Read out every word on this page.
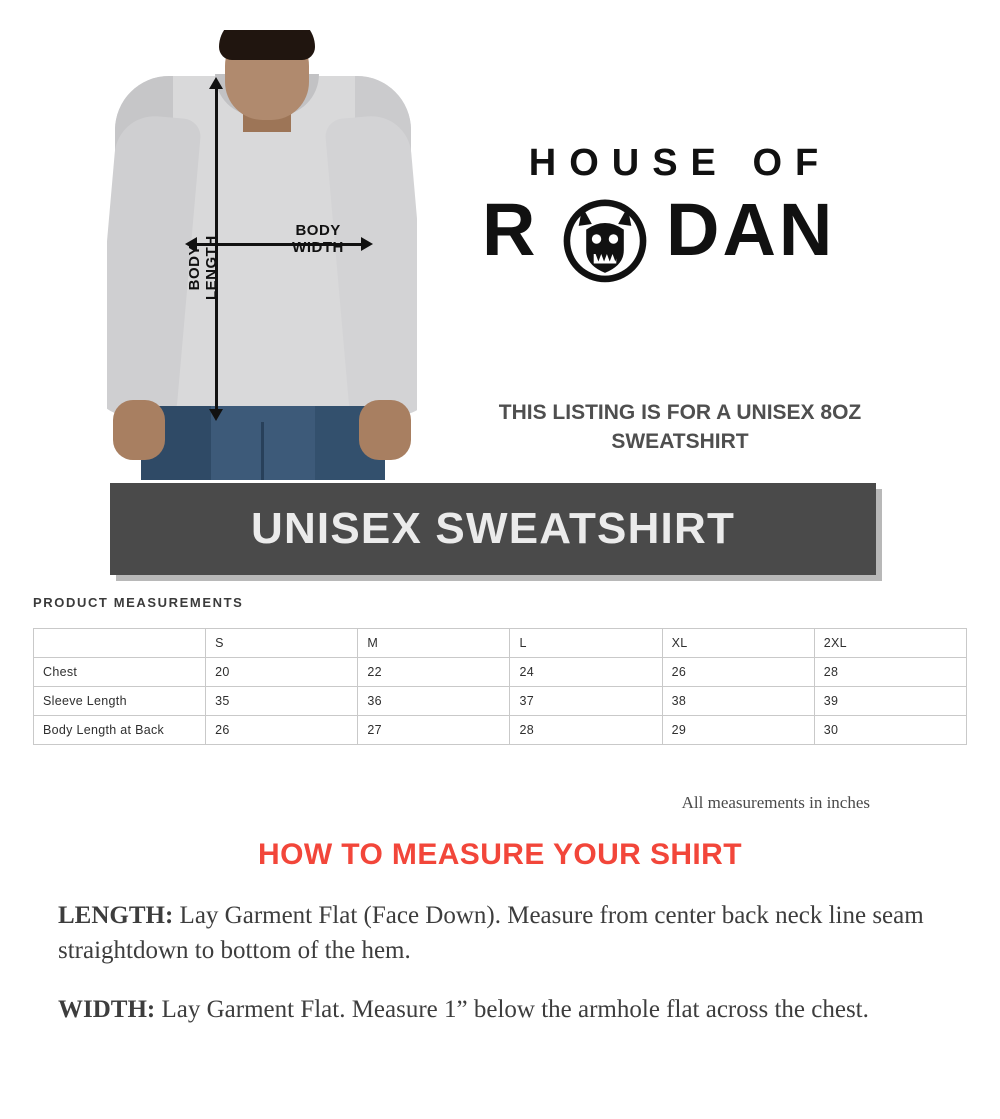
BODY WIDTH
BODY LENGTH
HOUSE OF
R DAN
THIS LISTING IS FOR A UNISEX 8OZ SWEATSHIRT
UNISEX SWEATSHIRT
PRODUCT MEASUREMENTS
	S	M	L	XL	2XL
Chest	20	22	24	26	28
Sleeve Length	35	36	37	38	39
Body Length at Back	26	27	28	29	30
All measurements in inches
HOW TO MEASURE YOUR SHIRT

LENGTH: Lay Garment Flat (Face Down). Measure from center back neck line seam straightdown to bottom of the hem.

WIDTH: Lay Garment Flat. Measure 1” below the armhole flat across the chest.
